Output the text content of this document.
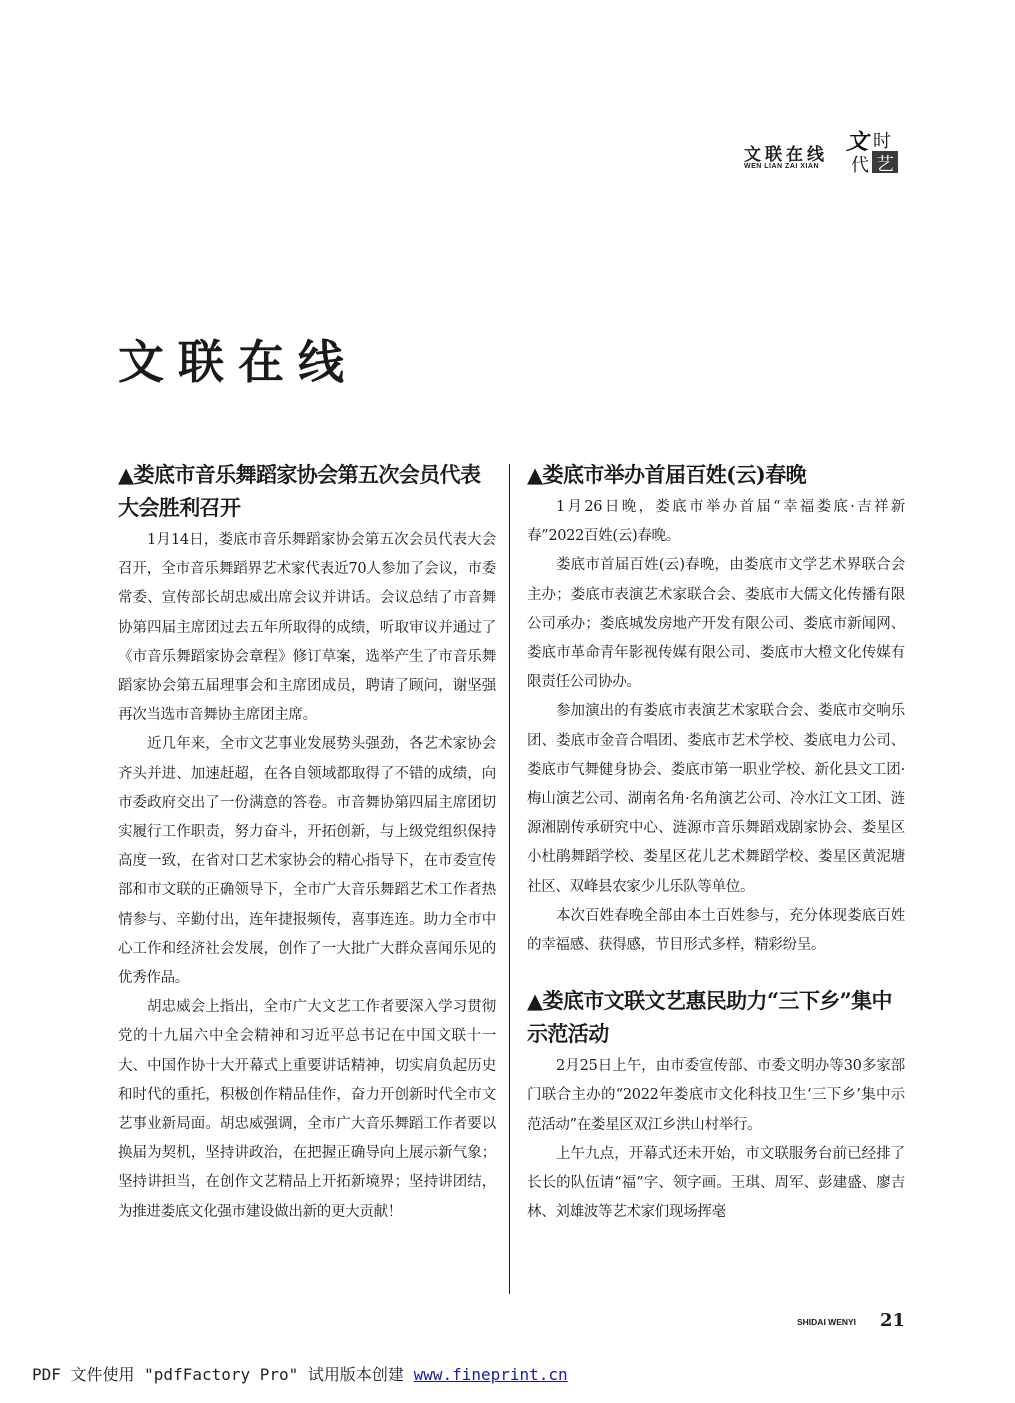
文联在线
WEN LIAN ZAI XIAN
文 时
代 艺
文联在线
▲娄底市音乐舞蹈家协会第五次会员代表大会胜利召开

1月14日，娄底市音乐舞蹈家协会第五次会员代表大会召开，全市音乐舞蹈界艺术家代表近70人参加了会议，市委常委、宣传部长胡忠威出席会议并讲话。会议总结了市音舞协第四届主席团过去五年所取得的成绩，听取审议并通过了《市音乐舞蹈家协会章程》修订草案，选举产生了市音乐舞蹈家协会第五届理事会和主席团成员，聘请了顾问，谢坚强再次当选市音舞协主席团主席。

近几年来，全市文艺事业发展势头强劲，各艺术家协会齐头并进、加速赶超，在各自领域都取得了不错的成绩，向市委政府交出了一份满意的答卷。市音舞协第四届主席团切实履行工作职责，努力奋斗，开拓创新，与上级党组织保持高度一致，在省对口艺术家协会的精心指导下，在市委宣传部和市文联的正确领导下，全市广大音乐舞蹈艺术工作者热情参与、辛勤付出，连年捷报频传，喜事连连。助力全市中心工作和经济社会发展，创作了一大批广大群众喜闻乐见的优秀作品。

胡忠威会上指出，全市广大文艺工作者要深入学习贯彻党的十九届六中全会精神和习近平总书记在中国文联十一大、中国作协十大开幕式上重要讲话精神，切实肩负起历史和时代的重托，积极创作精品佳作，奋力开创新时代全市文艺事业新局面。胡忠威强调，全市广大音乐舞蹈工作者要以换届为契机，坚持讲政治，在把握正确导向上展示新气象；坚持讲担当，在创作文艺精品上开拓新境界；坚持讲团结，为推进娄底文化强市建设做出新的更大贡献！

▲娄底市举办首届百姓(云)春晚

1月26日晚，娄底市举办首届“幸福娄底·吉祥新春”2022百姓(云)春晚。

娄底市首届百姓(云)春晚，由娄底市文学艺术界联合会主办；娄底市表演艺术家联合会、娄底市大儒文化传播有限公司承办；娄底城发房地产开发有限公司、娄底市新闻网、娄底市革命青年影视传媒有限公司、娄底市大橙文化传媒有限责任公司协办。

参加演出的有娄底市表演艺术家联合会、娄底市交响乐团、娄底市金音合唱团、娄底市艺术学校、娄底电力公司、娄底市气舞健身协会、娄底市第一职业学校、新化县文工团·梅山演艺公司、湖南名角·名角演艺公司、冷水江文工团、涟源湘剧传承研究中心、涟源市音乐舞蹈戏剧家协会、娄星区小杜鹃舞蹈学校、娄星区花儿艺术舞蹈学校、娄星区黄泥塘社区、双峰县农家少儿乐队等单位。

本次百姓春晚全部由本土百姓参与，充分体现娄底百姓的幸福感、获得感，节目形式多样，精彩纷呈。

▲娄底市文联文艺惠民助力“三下乡”集中示范活动

2月25日上午，由市委宣传部、市委文明办等30多家部门联合主办的“2022年娄底市文化科技卫生‘三下乡’集中示范活动”在娄星区双江乡洪山村举行。

上午九点，开幕式还未开始，市文联服务台前已经排了长长的队伍请“福”字、领字画。王琪、周军、彭建盛、廖吉林、刘雄波等艺术家们现场挥毫

SHIDAI WENYI 21
PDF 文件使用 "pdfFactory Pro" 试用版本创建 www.fineprint.cn
